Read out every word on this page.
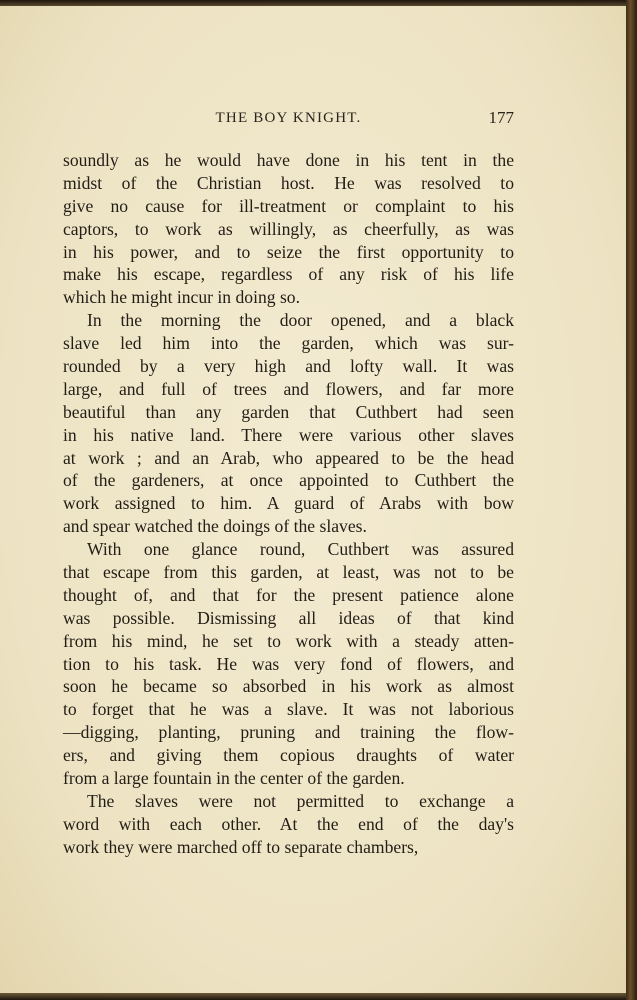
THE BOY KNIGHT.	177
soundly as he would have done in his tent in the
midst of the Christian host. He was resolved to
give no cause for ill-treatment or complaint to his
captors, to work as willingly, as cheerfully, as was
in his power, and to seize the first opportunity to
make his escape, regardless of any risk of his life
which he might incur in doing so.
In the morning the door opened, and a black
slave led him into the garden, which was sur-
rounded by a very high and lofty wall. It was
large, and full of trees and flowers, and far more
beautiful than any garden that Cuthbert had seen
in his native land. There were various other slaves
at work ; and an Arab, who appeared to be the head
of the gardeners, at once appointed to Cuthbert the
work assigned to him. A guard of Arabs with bow
and spear watched the doings of the slaves.
With one glance round, Cuthbert was assured
that escape from this garden, at least, was not to be
thought of, and that for the present patience alone
was possible. Dismissing all ideas of that kind
from his mind, he set to work with a steady atten-
tion to his task. He was very fond of flowers, and
soon he became so absorbed in his work as almost
to forget that he was a slave. It was not laborious
—digging, planting, pruning and training the flow-
ers, and giving them copious draughts of water
from a large fountain in the center of the garden.
The slaves were not permitted to exchange a
word with each other. At the end of the day's
work they were marched off to separate chambers,
